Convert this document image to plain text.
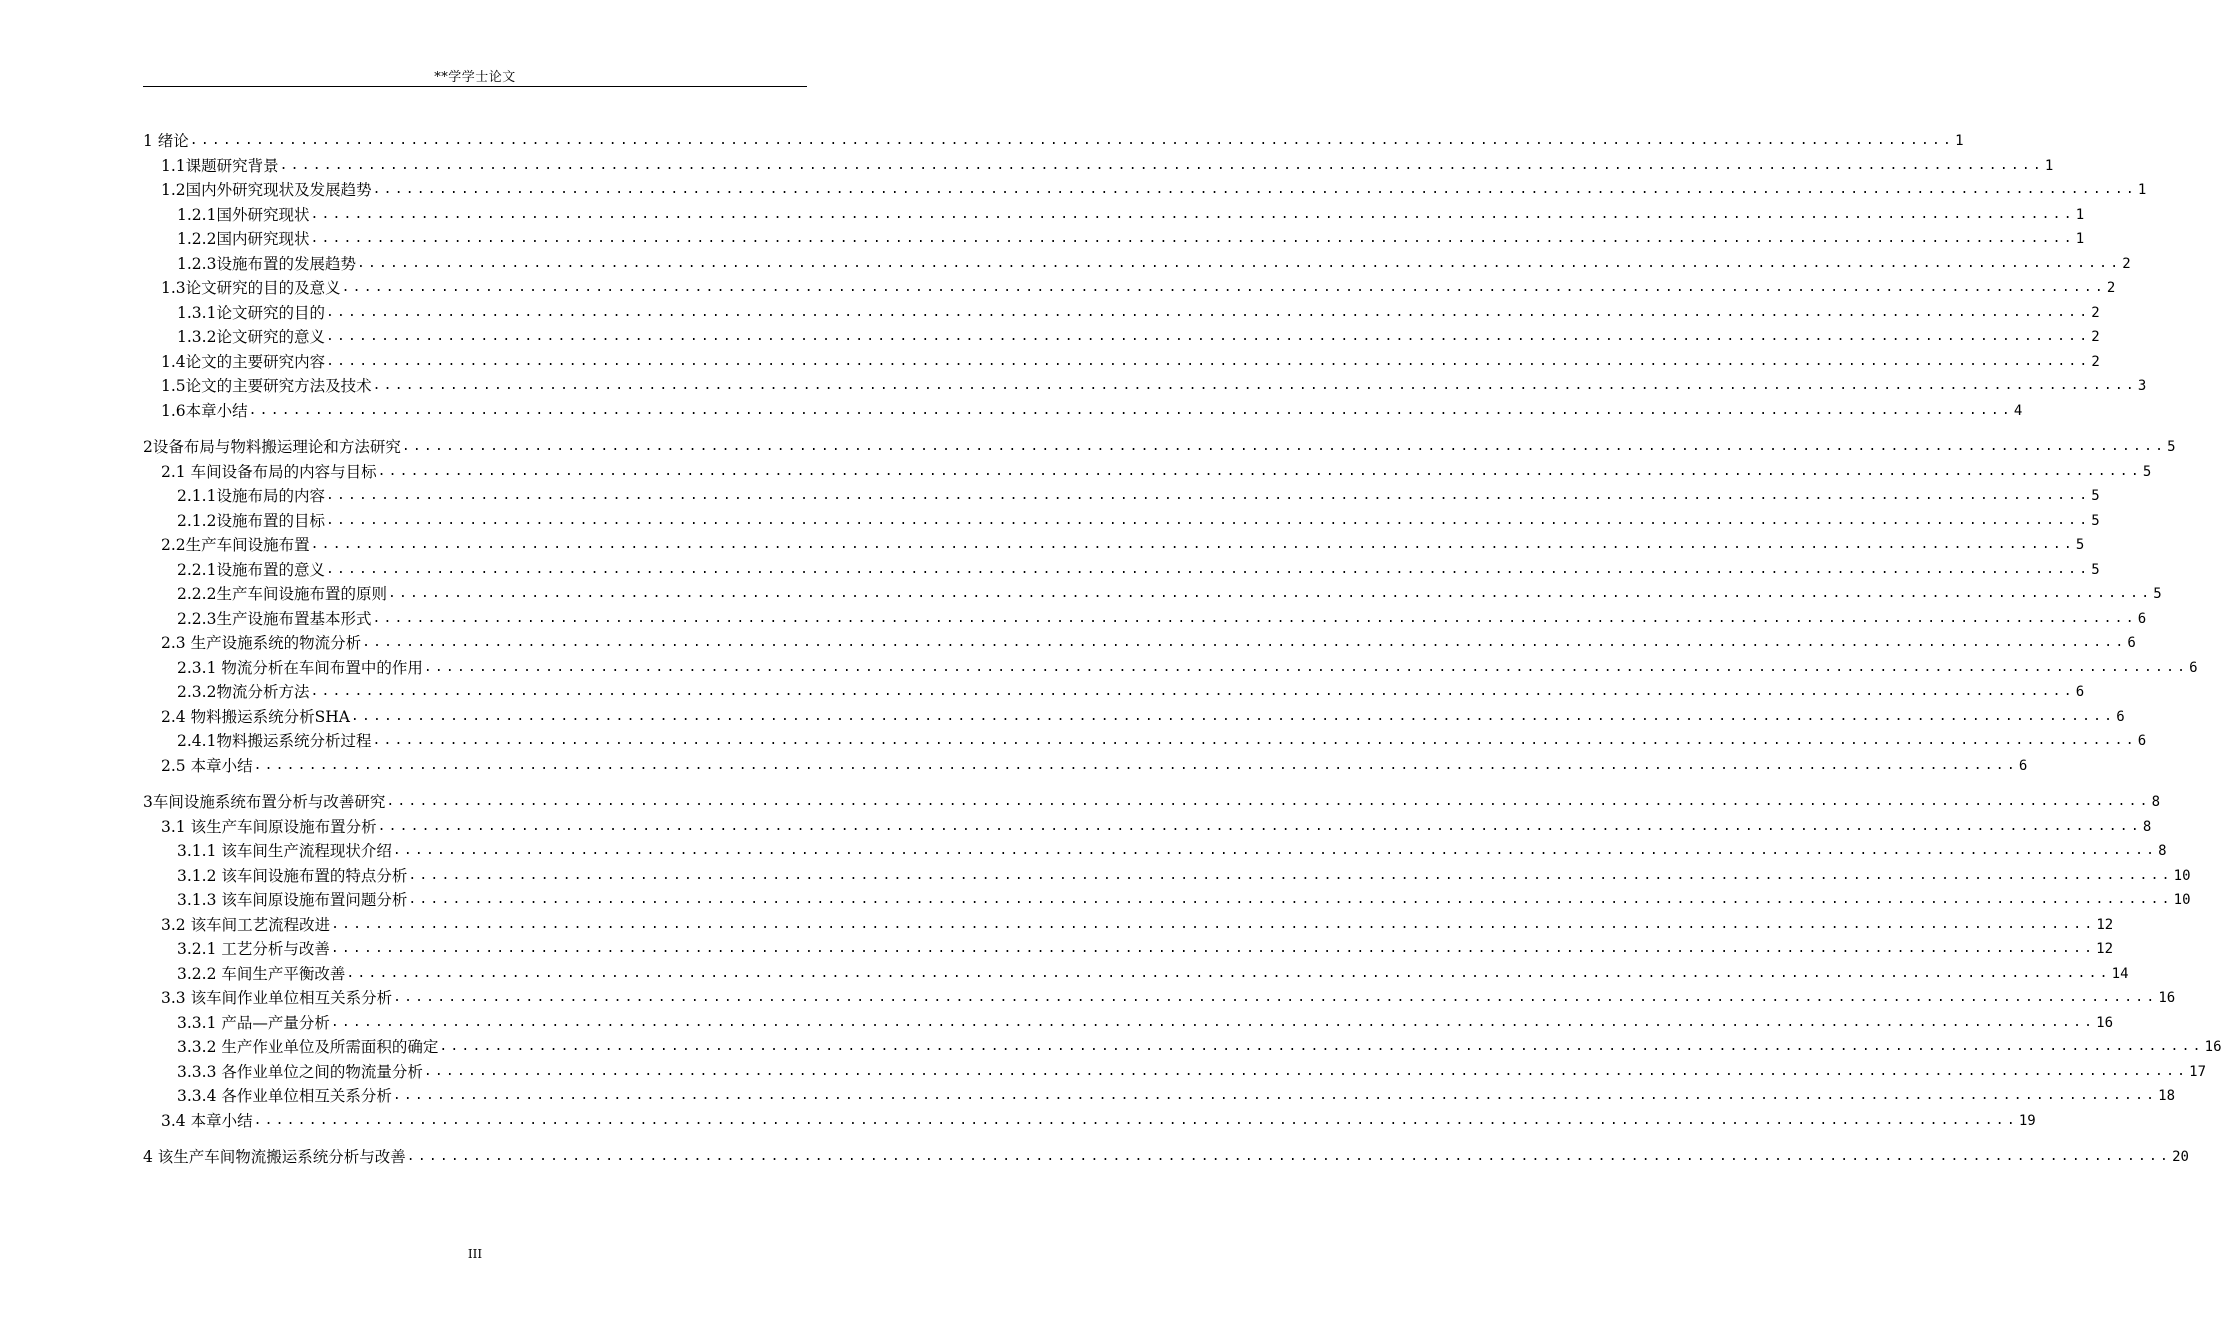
**学学士论文
1 绪论 ................................................................................................................................................................ 1
1.1课题研究背景 ................................................................................................................................................................ 1
1.2国内外研究现状及发展趋势 ................................................................................................................................................................ 1
1.2.1国外研究现状 ................................................................................................................................................................ 1
1.2.2国内研究现状 ................................................................................................................................................................ 1
1.2.3设施布置的发展趋势 ................................................................................................................................................................ 2
1.3论文研究的目的及意义 ................................................................................................................................................................ 2
1.3.1论文研究的目的 ................................................................................................................................................................ 2
1.3.2论文研究的意义 ................................................................................................................................................................ 2
1.4论文的主要研究内容 ................................................................................................................................................................ 2
1.5论文的主要研究方法及技术 ................................................................................................................................................................ 3
1.6本章小结 ................................................................................................................................................................ 4
2设备布局与物料搬运理论和方法研究 ................................................................................................................................................................ 5
2.1 车间设备布局的内容与目标 ................................................................................................................................................................ 5
2.1.1设施布局的内容 ................................................................................................................................................................ 5
2.1.2设施布置的目标 ................................................................................................................................................................ 5
2.2生产车间设施布置 ................................................................................................................................................................ 5
2.2.1设施布置的意义 ................................................................................................................................................................ 5
2.2.2生产车间设施布置的原则 ................................................................................................................................................................ 5
2.2.3生产设施布置基本形式 ................................................................................................................................................................ 6
2.3 生产设施系统的物流分析 ................................................................................................................................................................ 6
2.3.1 物流分析在车间布置中的作用 ................................................................................................................................................................ 6
2.3.2物流分析方法 ................................................................................................................................................................ 6
2.4 物料搬运系统分析SHA ................................................................................................................................................................ 6
2.4.1物料搬运系统分析过程 ................................................................................................................................................................ 6
2.5 本章小结 ................................................................................................................................................................ 6
3车间设施系统布置分析与改善研究 ................................................................................................................................................................ 8
3.1 该生产车间原设施布置分析 ................................................................................................................................................................ 8
3.1.1 该车间生产流程现状介绍 ................................................................................................................................................................ 8
3.1.2 该车间设施布置的特点分析 ................................................................................................................................................................ 10
3.1.3 该车间原设施布置问题分析 ................................................................................................................................................................ 10
3.2 该车间工艺流程改进 ................................................................................................................................................................ 12
3.2.1 工艺分析与改善 ................................................................................................................................................................ 12
3.2.2 车间生产平衡改善 ................................................................................................................................................................ 14
3.3 该车间作业单位相互关系分析 ................................................................................................................................................................ 16
3.3.1 产品—产量分析 ................................................................................................................................................................ 16
3.3.2 生产作业单位及所需面积的确定 ................................................................................................................................................................ 16
3.3.3 各作业单位之间的物流量分析 ................................................................................................................................................................ 17
3.3.4 各作业单位相互关系分析 ................................................................................................................................................................ 18
3.4 本章小结 ................................................................................................................................................................ 19
4 该生产车间物流搬运系统分析与改善 ................................................................................................................................................................ 20
III
